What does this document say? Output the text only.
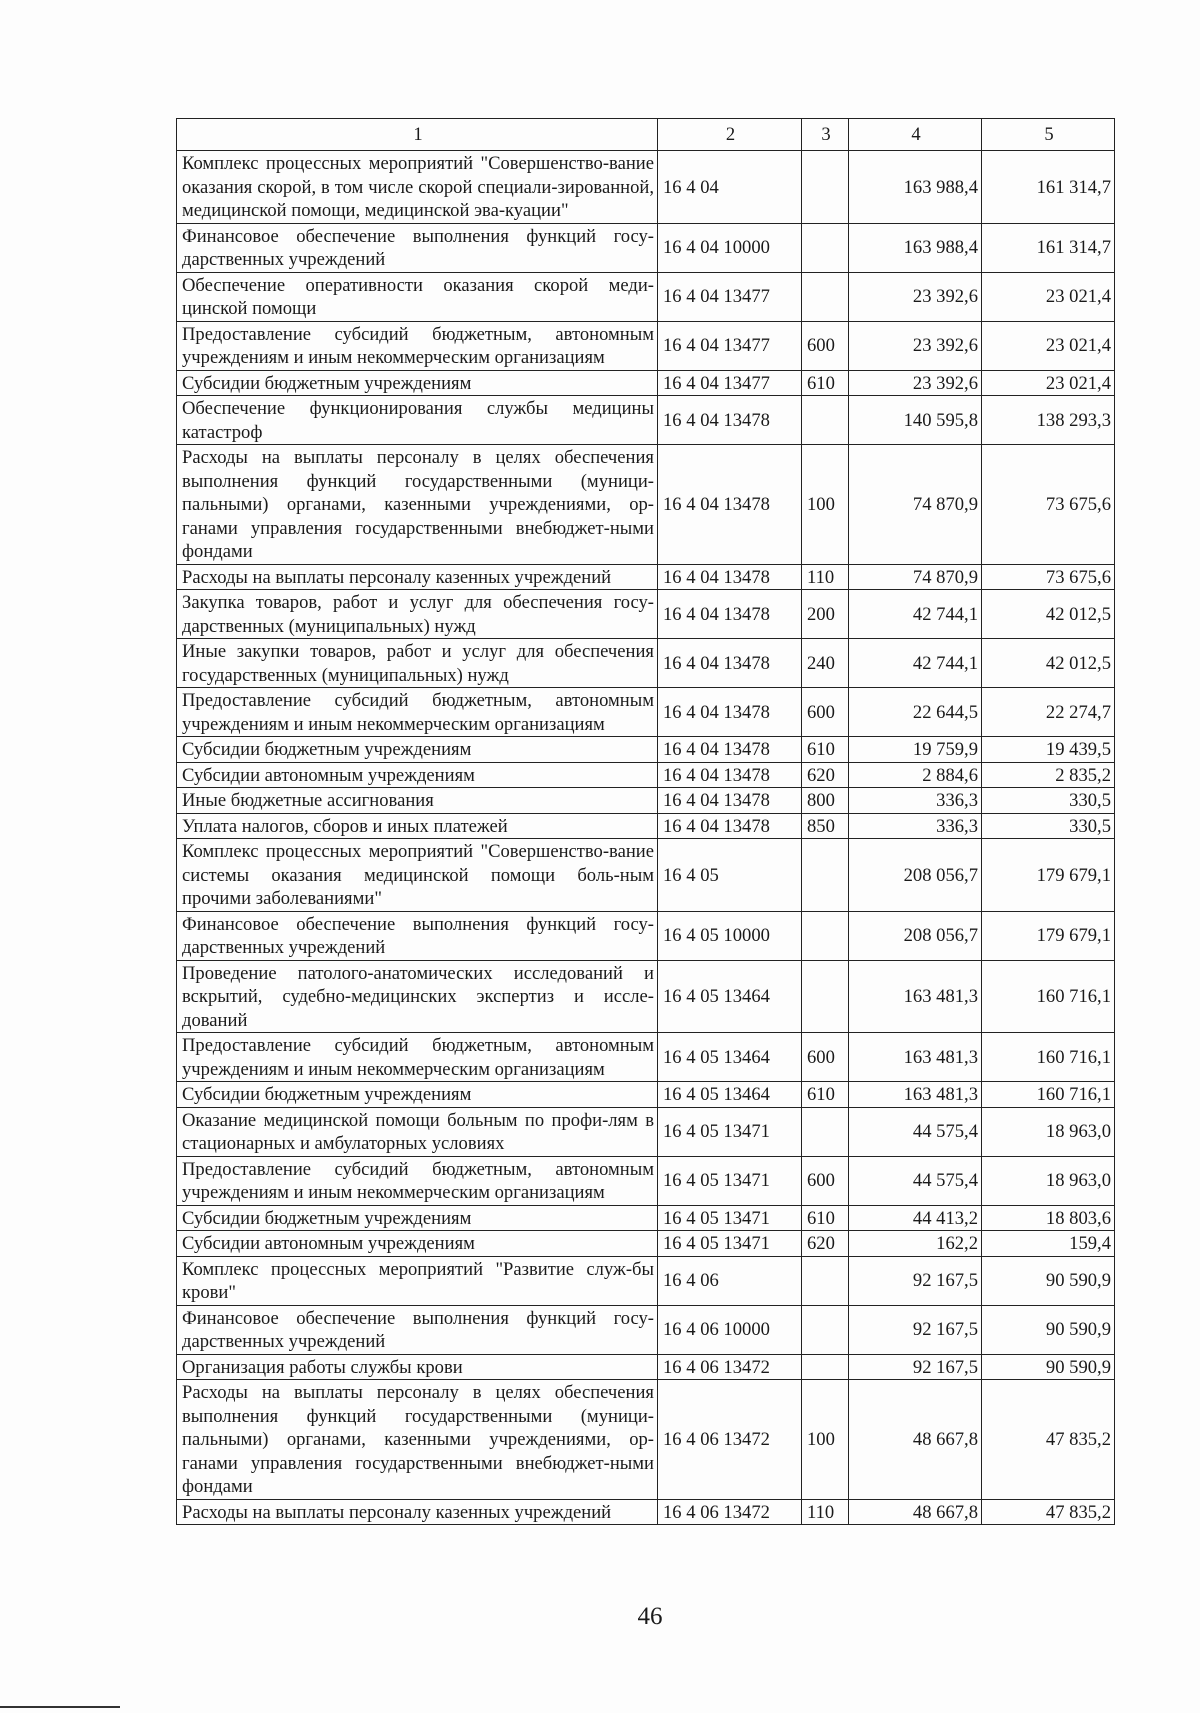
1	2	3	4	5
Комплекс процессных мероприятий "Совершенство-вание оказания скорой, в том числе скорой специали-зированной, медицинской помощи, медицинской эва-куации"	16 4 04		163 988,4	161 314,7
Финансовое обеспечение выполнения функций госу-дарственных учреждений	16 4 04 10000		163 988,4	161 314,7
Обеспечение оперативности оказания скорой меди-цинской помощи	16 4 04 13477		23 392,6	23 021,4
Предоставление субсидий бюджетным, автономным учреждениям и иным некоммерческим организациям	16 4 04 13477	600	23 392,6	23 021,4
Субсидии бюджетным учреждениям	16 4 04 13477	610	23 392,6	23 021,4
Обеспечение функционирования службы медицины катастроф	16 4 04 13478		140 595,8	138 293,3
Расходы на выплаты персоналу в целях обеспечения выполнения функций государственными (муници-пальными) органами, казенными учреждениями, ор-ганами управления государственными внебюджет-ными фондами	16 4 04 13478	100	74 870,9	73 675,6
Расходы на выплаты персоналу казенных учреждений	16 4 04 13478	110	74 870,9	73 675,6
Закупка товаров, работ и услуг для обеспечения госу-дарственных (муниципальных) нужд	16 4 04 13478	200	42 744,1	42 012,5
Иные закупки товаров, работ и услуг для обеспечения государственных (муниципальных) нужд	16 4 04 13478	240	42 744,1	42 012,5
Предоставление субсидий бюджетным, автономным учреждениям и иным некоммерческим организациям	16 4 04 13478	600	22 644,5	22 274,7
Субсидии бюджетным учреждениям	16 4 04 13478	610	19 759,9	19 439,5
Субсидии автономным учреждениям	16 4 04 13478	620	2 884,6	2 835,2
Иные бюджетные ассигнования	16 4 04 13478	800	336,3	330,5
Уплата налогов, сборов и иных платежей	16 4 04 13478	850	336,3	330,5
Комплекс процессных мероприятий "Совершенство-вание системы оказания медицинской помощи боль-ным прочими заболеваниями"	16 4 05		208 056,7	179 679,1
Финансовое обеспечение выполнения функций госу-дарственных учреждений	16 4 05 10000		208 056,7	179 679,1
Проведение патолого-анатомических исследований и вскрытий, судебно-медицинских экспертиз и иссле-дований	16 4 05 13464		163 481,3	160 716,1
Предоставление субсидий бюджетным, автономным учреждениям и иным некоммерческим организациям	16 4 05 13464	600	163 481,3	160 716,1
Субсидии бюджетным учреждениям	16 4 05 13464	610	163 481,3	160 716,1
Оказание медицинской помощи больным по профи-лям в стационарных и амбулаторных условиях	16 4 05 13471		44 575,4	18 963,0
Предоставление субсидий бюджетным, автономным учреждениям и иным некоммерческим организациям	16 4 05 13471	600	44 575,4	18 963,0
Субсидии бюджетным учреждениям	16 4 05 13471	610	44 413,2	18 803,6
Субсидии автономным учреждениям	16 4 05 13471	620	162,2	159,4
Комплекс процессных мероприятий "Развитие служ-бы крови"	16 4 06		92 167,5	90 590,9
Финансовое обеспечение выполнения функций госу-дарственных учреждений	16 4 06 10000		92 167,5	90 590,9
Организация работы службы крови	16 4 06 13472		92 167,5	90 590,9
Расходы на выплаты персоналу в целях обеспечения выполнения функций государственными (муници-пальными) органами, казенными учреждениями, ор-ганами управления государственными внебюджет-ными фондами	16 4 06 13472	100	48 667,8	47 835,2
Расходы на выплаты персоналу казенных учреждений	16 4 06 13472	110	48 667,8	47 835,2
46
